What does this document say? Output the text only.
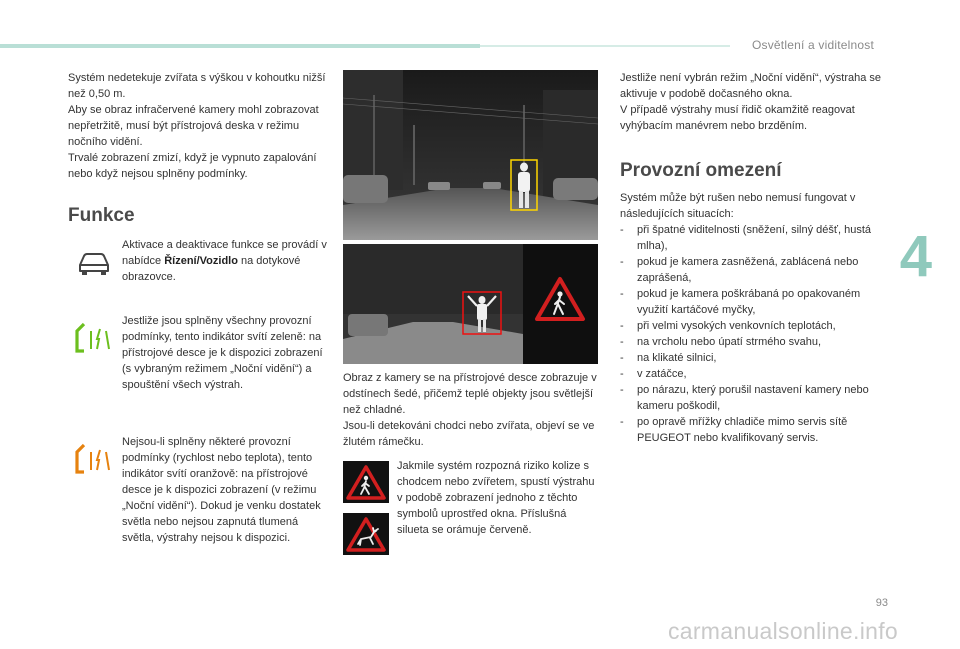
Osvětlení a viditelnost
4

Systém nedetekuje zvířata s výškou v kohoutku nižší než 0,50 m.

Aby se obraz infračervené kamery mohl zobrazovat nepřetržitě, musí být přístrojová deska v režimu nočního vidění.

Trvalé zobrazení zmizí, když je vypnuto zapalování nebo když nejsou splněny podmínky.

Funkce
Aktivace a deaktivace funkce se provádí v nabídce Řízení/Vozidlo na dotykové obrazovce.
Jestliže jsou splněny všechny provozní podmínky, tento indikátor svítí zeleně: na přístrojové desce je k dispozici zobrazení (s vybraným režimem „Noční vidění“) a spouštění všech výstrah.
Nejsou-li splněny některé provozní podmínky (rychlost nebo teplota), tento indikátor svítí oranžově: na přístrojové desce je k dispozici zobrazení (v režimu „Noční vidění“). Dokud je venku dostatek světla nebo nejsou zapnutá tlumená světla, výstrahy nejsou k dispozici.

Obraz z kamery se na přístrojové desce zobrazuje v odstínech šedé, přičemž teplé objekty jsou světlejší než chladné.

Jsou-li detekováni chodci nebo zvířata, objeví se ve žlutém rámečku.

Jakmile systém rozpozná riziko kolize s chodcem nebo zvířetem, spustí výstrahu v podobě zobrazení jednoho z těchto symbolů uprostřed okna. Příslušná silueta se orámuje červeně.

Jestliže není vybrán režim „Noční vidění“, výstraha se aktivuje v podobě dočasného okna.

V případě výstrahy musí řidič okamžitě reagovat vyhýbacím manévrem nebo brzděním.

Provozní omezení
Systém může být rušen nebo nemusí fungovat v následujících situacích:
- při špatné viditelnosti (sněžení, silný déšť, hustá mlha),
- pokud je kamera zasněžená, zablácená nebo zaprášená,
- pokud je kamera poškrábaná po opakovaném využití kartáčové myčky,
- při velmi vysokých venkovních teplotách,
- na vrcholu nebo úpatí strmého svahu,
- na klikaté silnici,
- v zatáčce,
- po nárazu, který porušil nastavení kamery nebo kameru poškodil,
- po opravě mřížky chladiče mimo servis sítě PEUGEOT nebo kvalifikovaný servis.
93
carmanualsonline.info
